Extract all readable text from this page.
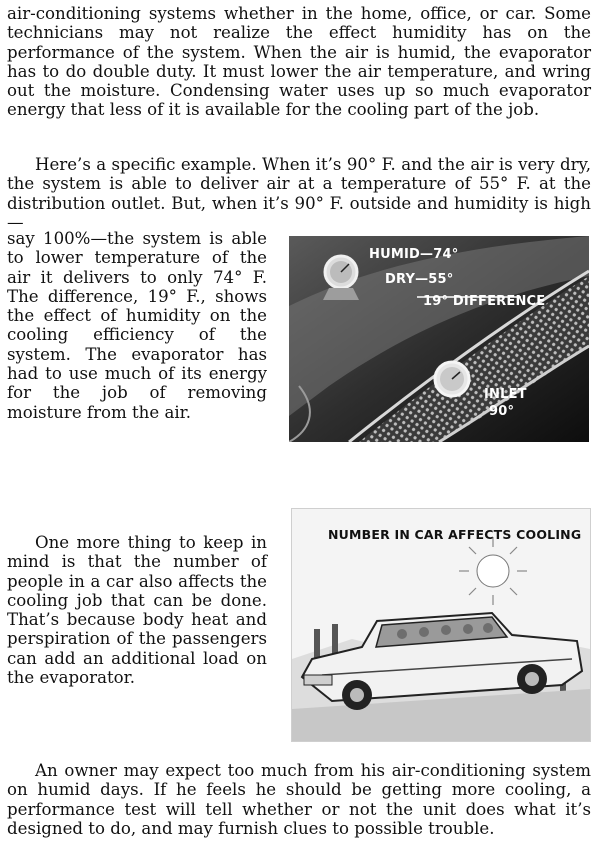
air-conditioning systems whether in the home, office, or car. Some technicians may not realize the effect humidity has on the performance of the system. When the air is humid, the evaporator has to do double duty. It must lower the air temperature, and wring out the moisture. Condensing water uses up so much evaporator energy that less of it is available for the cooling part of the job.

Here’s a specific example. When it’s 90° F. and the air is very dry, the system is able to deliver air at a temperature of 55° F. at the distribution outlet. But, when it’s 90° F. outside and humidity is high—

say 100%—the system is able to lower temperature of the air it delivers to only 74° F. The difference, 19° F., shows the effect of humidity on the cooling efficiency of the system. The evaporator has had to use much of its energy for the job of removing moisture from the air.

HUMID—74°
DRY—55°
19° DIFFERENCE
INLET
90°

One more thing to keep in mind is that the number of people in a car also affects the cooling job that can be done. That’s because body heat and perspiration of the passengers can add an additional load on the evaporator.

NUMBER IN CAR AFFECTS COOLING

An owner may expect too much from his air-conditioning system on humid days. If he feels he should be getting more cooling, a performance test will tell whether or not the unit does what it’s designed to do, and may furnish clues to possible trouble.
